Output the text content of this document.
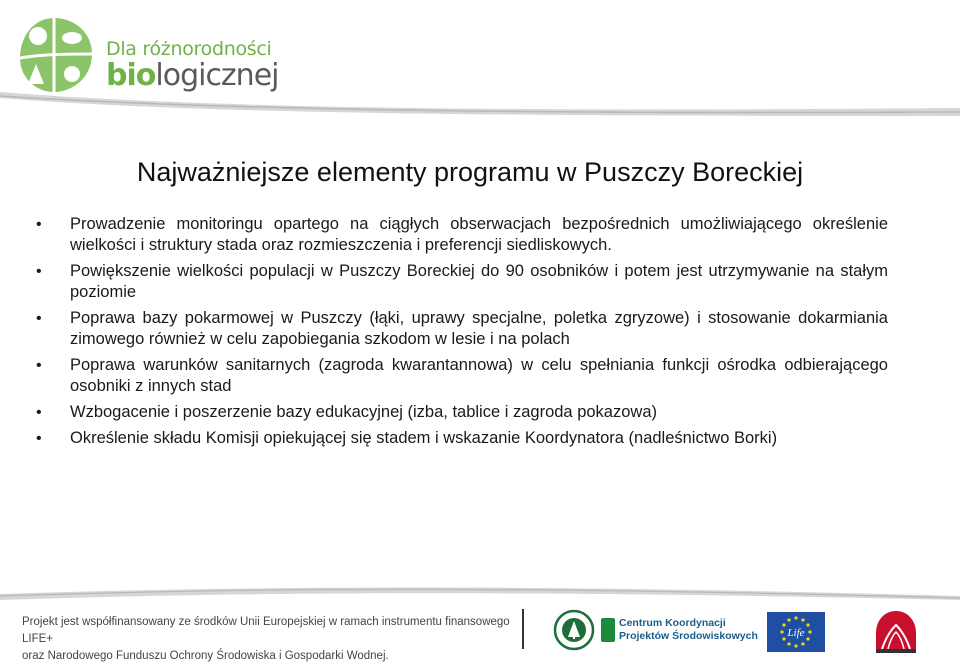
Dla różnorodności
biologicznej
Najważniejsze elementy programu w Puszczy Boreckiej
• Prowadzenie monitoringu opartego na ciągłych obserwacjach bezpośrednich umożliwiającego określenie wielkości i struktury stada oraz rozmieszczenia i preferencji siedliskowych.
• Powiększenie wielkości populacji w Puszczy Boreckiej do 90 osobników i potem jest utrzymywanie na stałym poziomie
• Poprawa bazy pokarmowej w Puszczy (łąki, uprawy specjalne, poletka zgryzowe) i stosowanie dokarmiania zimowego również w celu zapobiegania szkodom w lesie i na polach
• Poprawa warunków sanitarnych (zagroda kwarantannowa) w celu spełniania funkcji ośrodka odbierającego osobniki z innych stad
• Wzbogacenie i poszerzenie bazy edukacyjnej (izba, tablice i zagroda pokazowa)
• Określenie składu Komisji opiekującej się stadem i wskazanie Koordynatora (nadleśnictwo Borki)
Projekt jest współfinansowany ze środków Unii Europejskiej w ramach instrumentu finansowego LIFE+
oraz Narodowego Funduszu Ochrony Środowiska i Gospodarki Wodnej.
Centrum Koordynacji
Projektów Środowiskowych	Life
